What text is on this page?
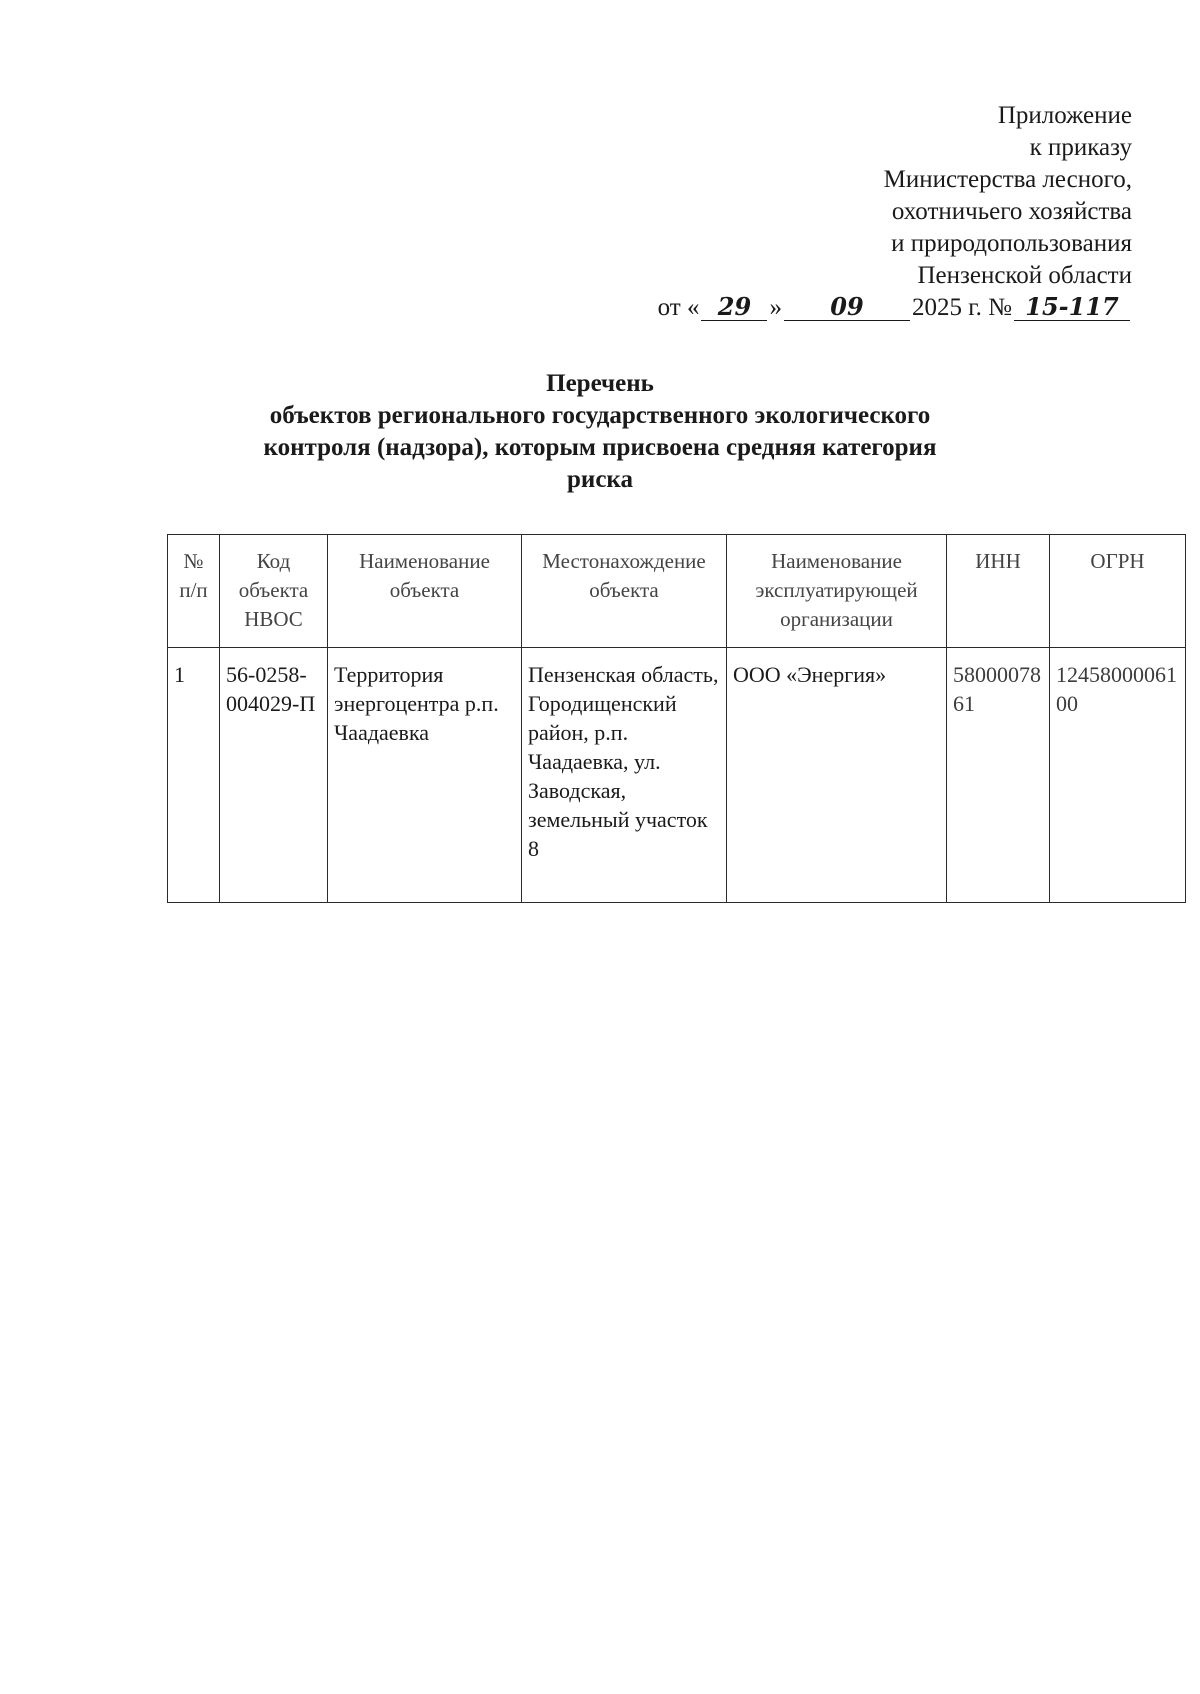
Приложение
к приказу
Министерства лесного,
охотничьего хозяйства
и природопользования
Пензенской области
от « 29 »	09	2025 г. № 15-117
Перечень
объектов регионального государственного экологического
контроля (надзора), которым присвоена средняя категория
риска
№ п/п	Код объекта НВОС	Наименование объекта	Местонахождение объекта	Наименование эксплуатирующей организации	ИНН	ОГРН
1	56-0258-004029-П	Территория энергоцентра р.п. Чаадаевка	Пензенская область, Городищенский район, р.п. Чаадаевка, ул. Заводская, земельный участок 8	ООО «Энергия»	5800007861	1245800006100
